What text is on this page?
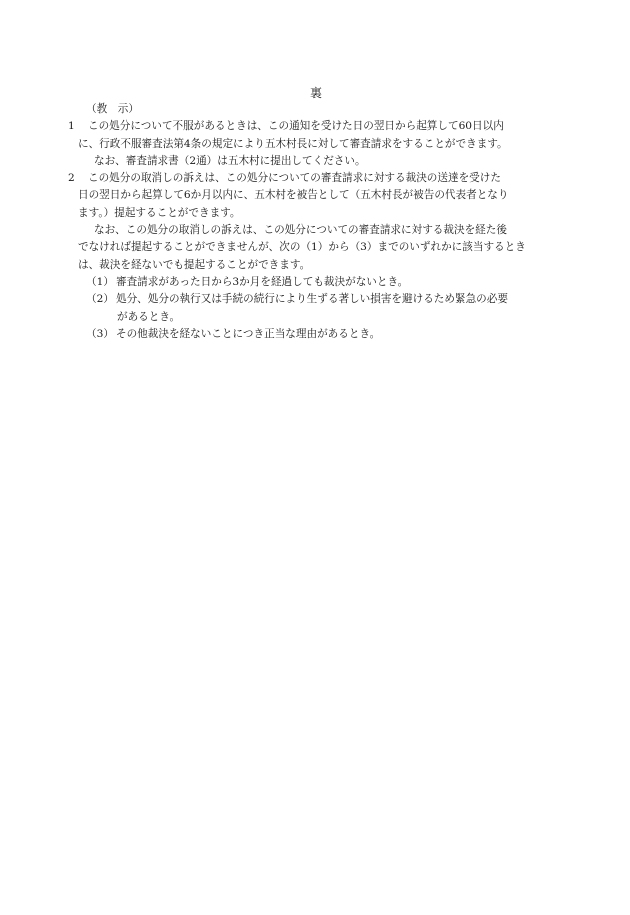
裏
（教　示）
1 この処分について不服があるときは、この通知を受けた日の翌日から起算して60日以内
に、行政不服審査法第4条の規定により五木村長に対して審査請求をすることができます。
なお、審査請求書（2通）は五木村に提出してください。
2 この処分の取消しの訴えは、この処分についての審査請求に対する裁決の送達を受けた
日の翌日から起算して6か月以内に、五木村を被告として（五木村長が被告の代表者となり
ます。）提起することができます。
なお、この処分の取消しの訴えは、この処分についての審査請求に対する裁決を経た後
でなければ提起することができませんが、次の（1）から（3）までのいずれかに該当するとき
は、裁決を経ないでも提起することができます。
（1） 審査請求があった日から3か月を経過しても裁決がないとき。
（2） 処分、処分の執行又は手続の続行により生ずる著しい損害を避けるため緊急の必要
があるとき。
（3） その他裁決を経ないことにつき正当な理由があるとき。
